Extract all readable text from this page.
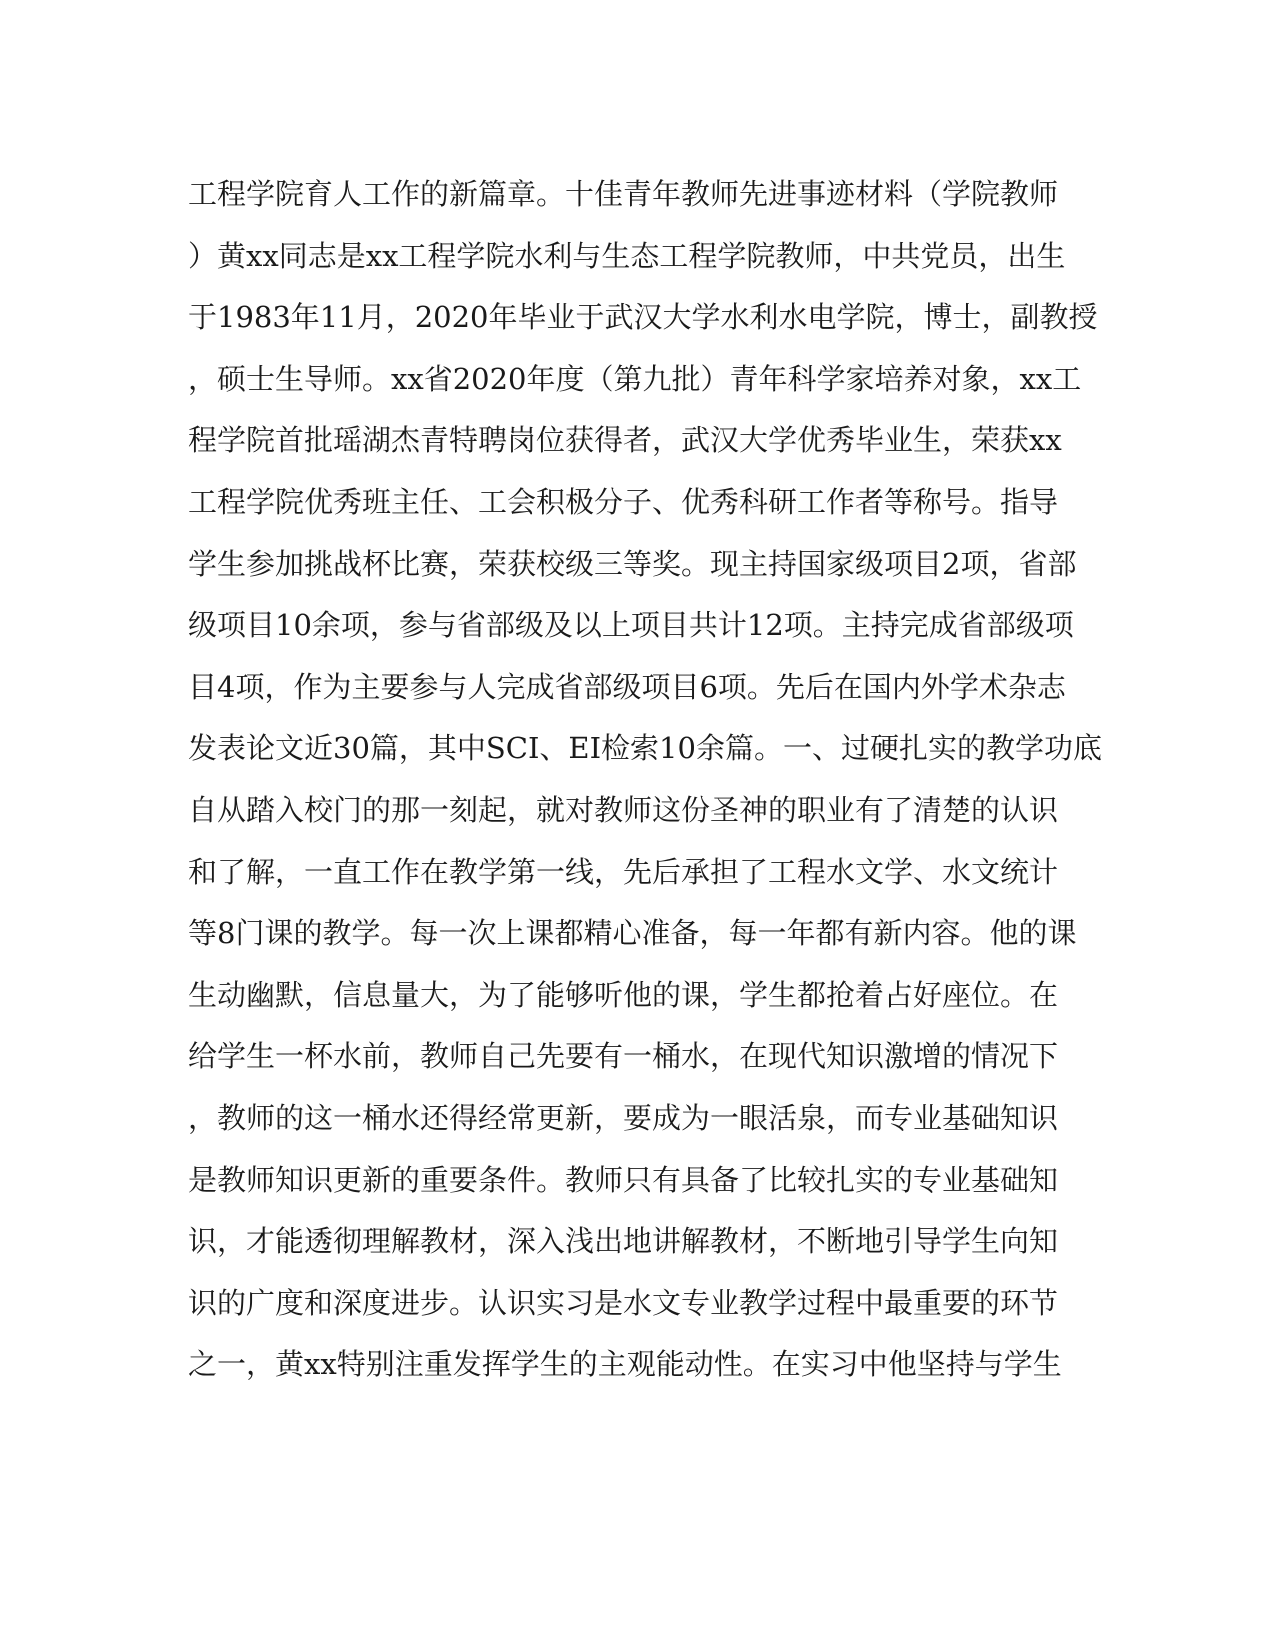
工程学院育人工作的新篇章。十佳青年教师先进事迹材料（学院教师
）黄xx同志是xx工程学院水利与生态工程学院教师，中共党员，出生
于1983年11月，2020年毕业于武汉大学水利水电学院，博士，副教授
，硕士生导师。xx省2020年度（第九批）青年科学家培养对象，xx工
程学院首批瑶湖杰青特聘岗位获得者，武汉大学优秀毕业生，荣获xx
工程学院优秀班主任、工会积极分子、优秀科研工作者等称号。指导
学生参加挑战杯比赛，荣获校级三等奖。现主持国家级项目2项，省部
级项目10余项，参与省部级及以上项目共计12项。主持完成省部级项
目4项，作为主要参与人完成省部级项目6项。先后在国内外学术杂志
发表论文近30篇，其中SCI、EI检索10余篇。一、过硬扎实的教学功底
自从踏入校门的那一刻起，就对教师这份圣神的职业有了清楚的认识
和了解，一直工作在教学第一线，先后承担了工程水文学、水文统计
等8门课的教学。每一次上课都精心准备，每一年都有新内容。他的课
生动幽默，信息量大，为了能够听他的课，学生都抢着占好座位。在
给学生一杯水前，教师自己先要有一桶水，在现代知识激增的情况下
，教师的这一桶水还得经常更新，要成为一眼活泉，而专业基础知识
是教师知识更新的重要条件。教师只有具备了比较扎实的专业基础知
识，才能透彻理解教材，深入浅出地讲解教材，不断地引导学生向知
识的广度和深度进步。认识实习是水文专业教学过程中最重要的环节
之一，黄xx特别注重发挥学生的主观能动性。在实习中他坚持与学生
